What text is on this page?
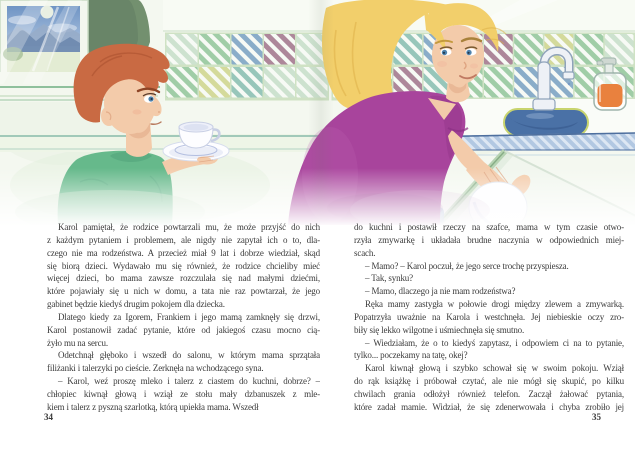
Karol pamiętał, że rodzice powtarzali mu, że może przyjść do nich
z każdym pytaniem i problemem, ale nigdy nie zapytał ich o to, dla-
czego nie ma rodzeństwa. A przecież miał 9 lat i dobrze wiedział, skąd
się biorą dzieci. Wydawało mu się również, że rodzice chcieliby mieć
więcej dzieci, bo mama zawsze rozczulała się nad małymi dziećmi,
które pojawiały się u nich w domu, a tata nie raz powtarzał, że jego
gabinet będzie kiedyś drugim pokojem dla dziecka.
Dlatego kiedy za Igorem, Frankiem i jego mamą zamknęły się drzwi,
Karol postanowił zadać pytanie, które od jakiegoś czasu mocno cią-
żyło mu na sercu.
Odetchnął głęboko i wszedł do salonu, w którym mama sprzątała
filiżanki i talerzyki po cieście. Zerknęła na wchodzącego syna.
– Karol, weź proszę mleko i talerz z ciastem do kuchni, dobrze? –
chłopiec kiwnął głową i wziął ze stołu mały dzbanuszek z mle-
kiem i talerz z pyszną szarlotką, którą upiekła mama. Wszedł
do kuchni i postawił rzeczy na szafce, mama w tym czasie otwo-
rzyła zmywarkę i układała brudne naczynia w odpowiednich miej-
scach.
– Mamo? – Karol poczuł, że jego serce trochę przyspiesza.
– Tak, synku?
– Mamo, dlaczego ja nie mam rodzeństwa?
Ręka mamy zastygła w połowie drogi między zlewem a zmywarką.
Popatrzyła uważnie na Karola i westchnęła. Jej niebieskie oczy zro-
biły się lekko wilgotne i uśmiechnęła się smutno.
– Wiedziałam, że o to kiedyś zapytasz, i odpowiem ci na to pytanie,
tylko... poczekamy na tatę, okej?
Karol kiwnął głową i szybko schował się w swoim pokoju. Wziął
do rąk książkę i próbował czytać, ale nie mógł się skupić, po kilku
chwilach grania odłożył również telefon. Zaczął żałować pytania,
które zadał mamie. Widział, że się zdenerwowała i chyba zrobiło jej
34	35
